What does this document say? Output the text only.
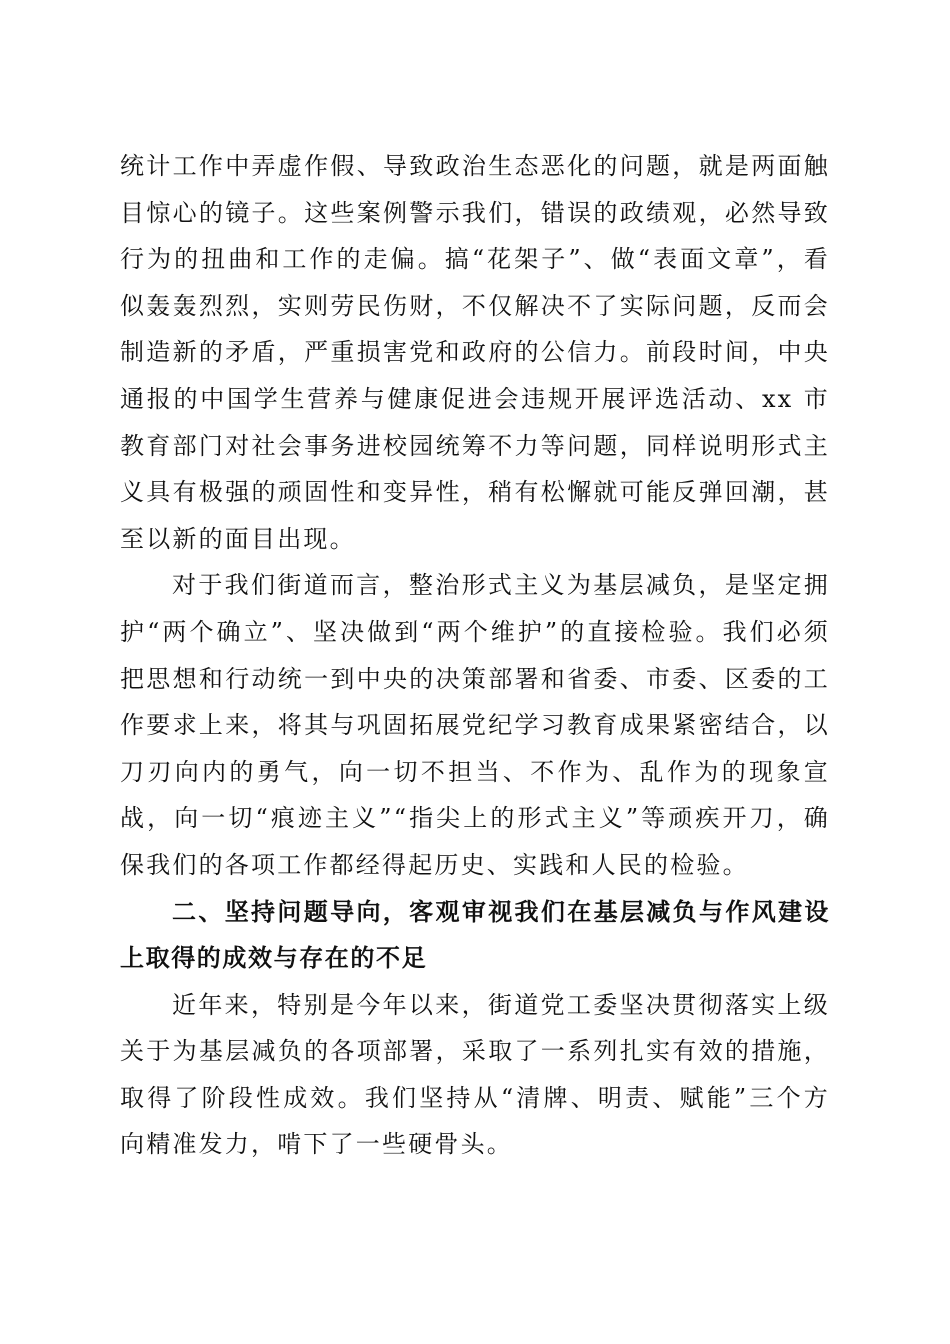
统计工作中弄虚作假、导致政治生态恶化的问题，就是两面触目惊心的镜子。这些案例警示我们，错误的政绩观，必然导致行为的扭曲和工作的走偏。搞“花架子”、做“表面文章”，看似轰轰烈烈，实则劳民伤财，不仅解决不了实际问题，反而会制造新的矛盾，严重损害党和政府的公信力。前段时间，中央通报的中国学生营养与健康促进会违规开展评选活动、xx 市教育部门对社会事务进校园统筹不力等问题，同样说明形式主义具有极强的顽固性和变异性，稍有松懈就可能反弹回潮，甚至以新的面目出现。

对于我们街道而言，整治形式主义为基层减负，是坚定拥护“两个确立”、坚决做到“两个维护”的直接检验。我们必须把思想和行动统一到中央的决策部署和省委、市委、区委的工作要求上来，将其与巩固拓展党纪学习教育成果紧密结合，以刀刃向内的勇气，向一切不担当、不作为、乱作为的现象宣战，向一切“痕迹主义”“指尖上的形式主义”等顽疾开刀，确保我们的各项工作都经得起历史、实践和人民的检验。

二、坚持问题导向，客观审视我们在基层减负与作风建设上取得的成效与存在的不足

近年来，特别是今年以来，街道党工委坚决贯彻落实上级关于为基层减负的各项部署，采取了一系列扎实有效的措施，取得了阶段性成效。我们坚持从“清牌、明责、赋能”三个方向精准发力，啃下了一些硬骨头。
